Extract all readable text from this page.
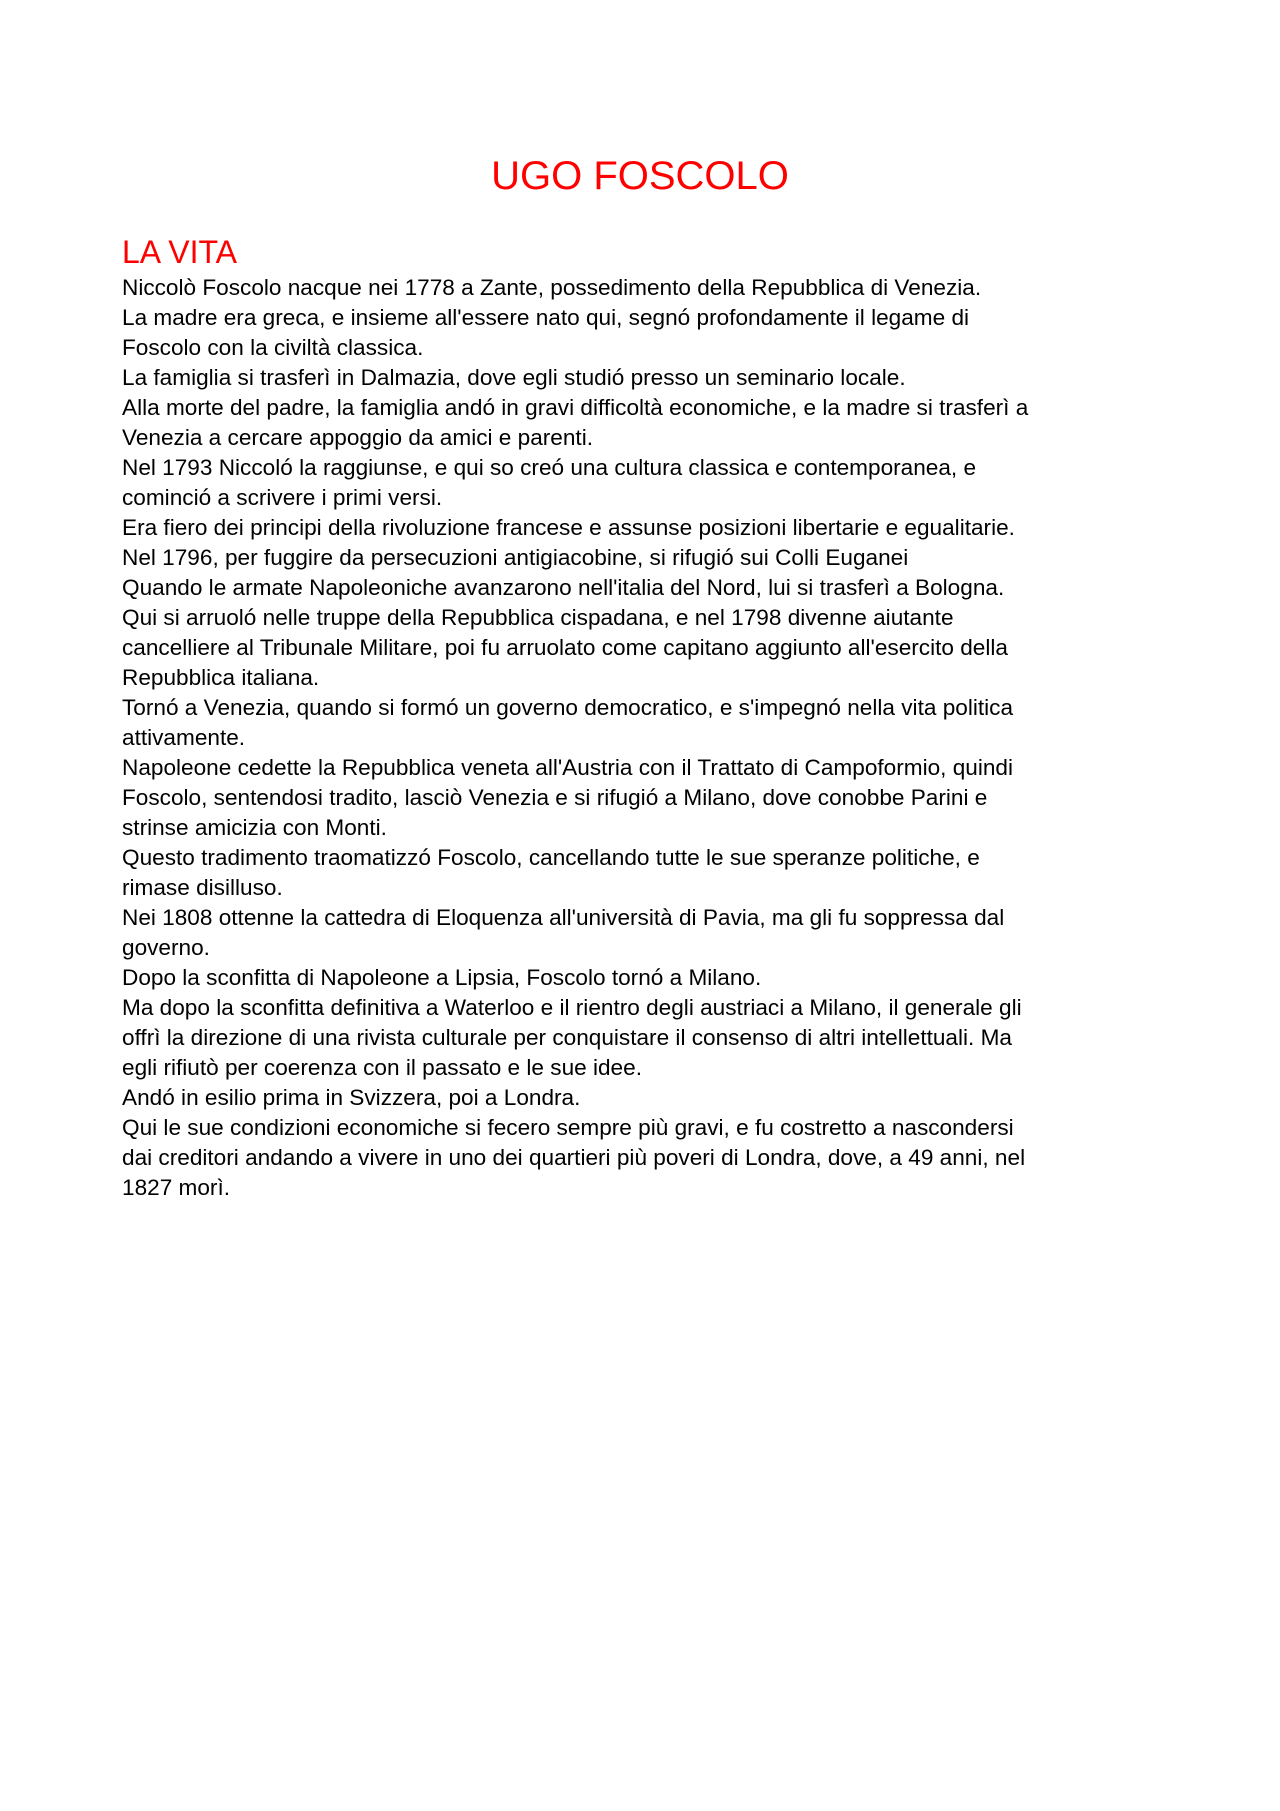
UGO FOSCOLO
LA VITA
Niccolò Foscolo nacque nei 1778 a Zante, possedimento della Repubblica di Venezia.
La madre era greca, e insieme all'essere nato qui, segnó profondamente il legame di
Foscolo con la civiltà classica.
La famiglia si trasferì in Dalmazia, dove egli studió presso un seminario locale.
Alla morte del padre, la famiglia andó in gravi difficoltà economiche, e la madre si trasferì a
Venezia a cercare appoggio da amici e parenti.
Nel 1793 Niccoló la raggiunse, e qui so creó una cultura classica e contemporanea, e
cominció a scrivere i primi versi.
Era fiero dei principi della rivoluzione francese e assunse posizioni libertarie e egualitarie.
Nel 1796, per fuggire da persecuzioni antigiacobine, si rifugió sui Colli Euganei
Quando le armate Napoleoniche avanzarono nell'italia del Nord, lui si trasferì a Bologna.
Qui si arruoló nelle truppe della Repubblica cispadana, e nel 1798 divenne aiutante
cancelliere al Tribunale Militare, poi fu arruolato come capitano aggiunto all'esercito della
Repubblica italiana.
Tornó a Venezia, quando si formó un governo democratico, e s'impegnó nella vita politica
attivamente.
Napoleone cedette la Repubblica veneta all'Austria con il Trattato di Campoformio, quindi
Foscolo, sentendosi tradito, lasciò Venezia e si rifugió a Milano, dove conobbe Parini e
strinse amicizia con Monti.
Questo tradimento traomatizzó Foscolo, cancellando tutte le sue speranze politiche, e
rimase disilluso.
Nei 1808 ottenne la cattedra di Eloquenza all'università di Pavia, ma gli fu soppressa dal
governo.
Dopo la sconfitta di Napoleone a Lipsia, Foscolo tornó a Milano.
Ma dopo la sconfitta definitiva a Waterloo e il rientro degli austriaci a Milano, il generale gli
offrì la direzione di una rivista culturale per conquistare il consenso di altri intellettuali. Ma
egli rifiutò per coerenza con il passato e le sue idee.
Andó in esilio prima in Svizzera, poi a Londra.
Qui le sue condizioni economiche si fecero sempre più gravi, e fu costretto a nascondersi
dai creditori andando a vivere in uno dei quartieri più poveri di Londra, dove, a 49 anni, nel
1827 morì.
